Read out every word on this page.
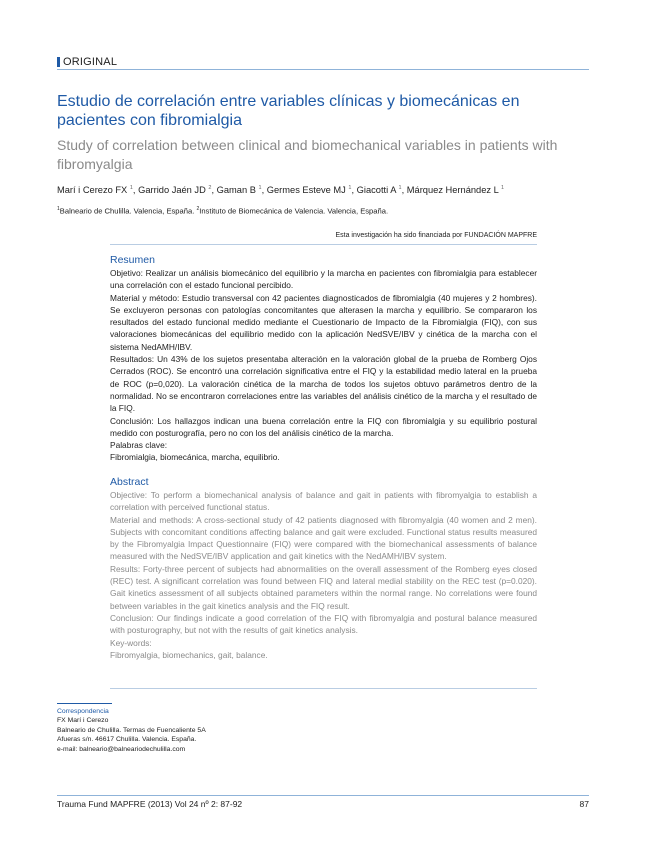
ORIGINAL
Estudio de correlación entre variables clínicas y biomecánicas en pacientes con fibromialgia
Study of correlation between clinical and biomechanical variables in patients with fibromyalgia
Marí i Cerezo FX $^1$, Garrido Jaén JD $^2$, Gaman B $^1$, Germes Esteve MJ $^1$, Giacotti A $^1$, Márquez Hernández L $^1$
$^1$Balneario de Chulilla. Valencia, España. $^2$Instituto de Biomecánica de Valencia. Valencia, España.
Esta investigación ha sido financiada por FUNDACIÓN MAPFRE
Resumen

Objetivo: Realizar un análisis biomecánico del equilibrio y la marcha en pacientes con fibromialgia para establecer una correlación con el estado funcional percibido.

Material y método: Estudio transversal con 42 pacientes diagnosticados de fibromialgia (40 mujeres y 2 hombres). Se excluyeron personas con patologías concomitantes que alterasen la marcha y equilibrio. Se compararon los resultados del estado funcional medido mediante el Cuestionario de Impacto de la Fibromialgia (FIQ), con sus valoraciones biomecánicas del equilibrio medido con la aplicación NedSVE/IBV y cinética de la marcha con el sistema NedAMH/IBV.

Resultados: Un 43% de los sujetos presentaba alteración en la valoración global de la prueba de Romberg Ojos Cerrados (ROC). Se encontró una correlación significativa entre el FIQ y la estabilidad medio lateral en la prueba de ROC (p=0,020). La valoración cinética de la marcha de todos los sujetos obtuvo parámetros dentro de la normalidad. No se encontraron correlaciones entre las variables del análisis cinético de la marcha y el resultado de la FIQ.

Conclusión: Los hallazgos indican una buena correlación entre la FIQ con fibromialgia y su equilibrio postural medido con posturografía, pero no con los del análisis cinético de la marcha.

Palabras clave:

Fibromialgia, biomecánica, marcha, equilibrio.

Abstract

Objective: To perform a biomechanical analysis of balance and gait in patients with fibromyalgia to establish a correlation with perceived functional status.

Material and methods: A cross-sectional study of 42 patients diagnosed with fibromyalgia (40 women and 2 men). Subjects with concomitant conditions affecting balance and gait were excluded. Functional status results measured by the Fibromyalgia Impact Questionnaire (FIQ) were compared with the biomechanical assessments of balance measured with the NedSVE/IBV application and gait kinetics with the NedAMH/IBV system.

Results: Forty-three percent of subjects had abnormalities on the overall assessment of the Romberg eyes closed (REC) test. A significant correlation was found between FIQ and lateral medial stability on the REC test (p=0.020). Gait kinetics assessment of all subjects obtained parameters within the normal range. No correlations were found between variables in the gait kinetics analysis and the FIQ result.

Conclusion: Our findings indicate a good correlation of the FIQ with fibromyalgia and postural balance measured with posturography, but not with the results of gait kinetics analysis.

Key-words:

Fibromyalgia, biomechanics, gait, balance.

Correspondencia
FX Marí i Cerezo
Balneario de Chulilla. Termas de Fuencaliente 5A
Afueras s/n. 46617 Chulilla. Valencia. España.
e-mail: balneario@balneariodechulilla.com
Trauma Fund MAPFRE (2013) Vol 24 nº 2: 87-92	87
